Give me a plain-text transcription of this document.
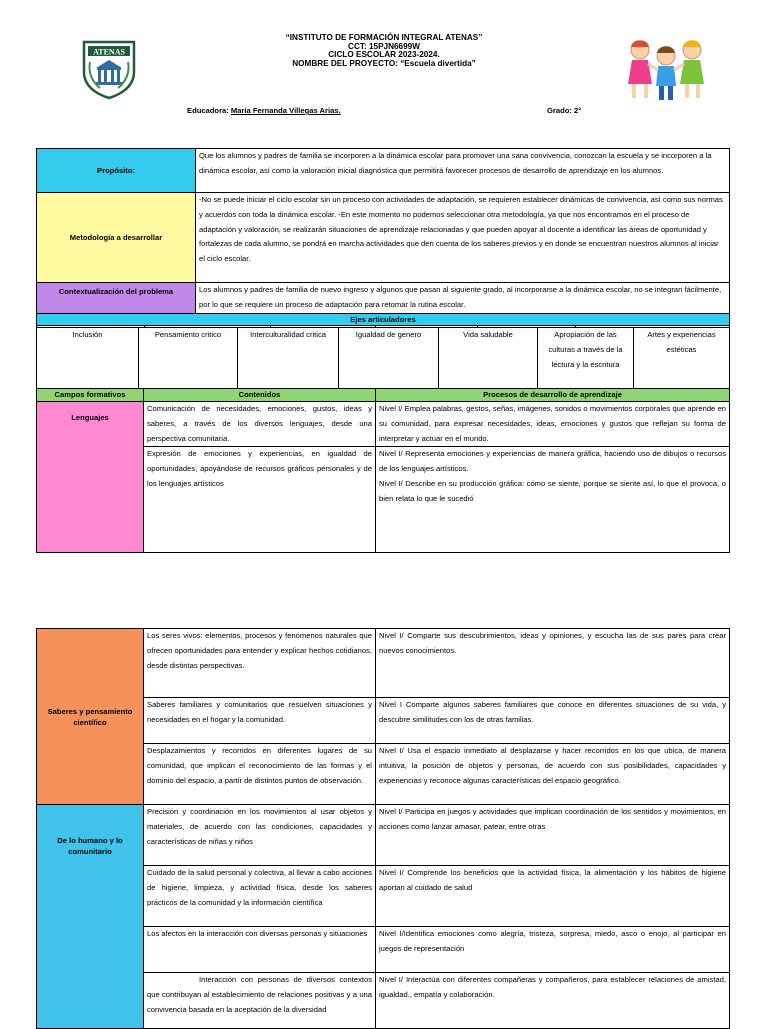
ATENAS
“INSTITUTO DE FORMACIÓN INTEGRAL ATENAS”
CCT: 15PJN6699W
CICLO ESCOLAR 2023-2024.
NOMBRE DEL PROYECTO: “Escuela divertida”
Educadora: María Fernanda Villegas Arias.	Grado: 2°
Propósito:		Que los alumnos y padres de familia se incorporen a la dinámica escolar para promover una sana convivencia, conozcan la escuela y se incorporen a la dinámica escolar, así como la valoración inicial diagnóstica que permitirá favorecer procesos de desarrollo de aprendizaje en los alumnos.				
Metodología a desarrollar		-No se puede iniciar el ciclo escolar sin un proceso con actividades de adaptación, se requieren establecer dinámicas de convivencia, así como sus normas y acuerdos con toda la dinámica escolar. -En este momento no podemos seleccionar otra metodología, ya que nos encontramos en el proceso de adaptación y valoración, se realizarán situaciones de aprendizaje relacionadas y que pueden apoyar al docente a identificar las áreas de oportunidad y fortalezas de cada alumno, se pondrá en marcha actividades que den cuenta de los saberes previos y en donde se encuentran nuestros alumnos al iniciar el ciclo escolar.				
Contextualización del problema		Los alumnos y padres de familia de nuevo ingreso y algunos que pasan al siguiente grado, al incorporarse a la dinámica escolar, no se integran fácilmente, por lo que se requiere un proceso de adaptación para retomar la rutina escolar.				
Ejes articuladores						

Inclusión	Pensamiento critico	Interculturalidad critica	Igualdad de genero	Vida saludable	Apropiación de las culturas a través de la lectura y la escritura	Artes y experiencias estéticas
Campos formativos	Contenidos	Procesos de desarrollo de aprendizaje
Lenguajes	Comunicación de necesidades, emociones, gustos, ideas y saberes, a través de los diversos lenguajes, desde una perspectiva comunitaria.	Nivel I/ Emplea palabras, gestos, señas, imágenes, sonidos o movimientos corporales que aprende en su comunidad, para expresar necesidades, ideas, emociones y gustos que reflejan su forma de interpretar y actuar en el mundo.
	Expresión de emociones y experiencias, en igualdad de oportunidades, apoyándose de recursos gráficos personales y de los lenguajes artísticos	Nivel I/ Representa emociones y experiencias de manera gráfica, haciendo uso de dibujos o recursos de los lenguajes artísticos.
Nivel I/ Describe en su producción gráfica: cómo se siente, porque se siente así, lo que el provoca, o bien relata lo que le sucedió
Saberes y pensamiento científico	Los seres vivos: elementos, procesos y fenómenos naturales que ofrecen oportunidades para entender y explicar hechos cotidianos, desde distintas perspectivas.	Nivel I/ Comparte sus descubrimientos, ideas y opiniones, y escucha las de sus pares para crear nuevos conocimientos.
	Saberes familiares y comunitarios que resuelven situaciones y necesidades en el hogar y la comunidad.	Nivel I Comparte algunos saberes familiares que conoce en diferentes situaciones de su vida, y descubre similitudes con los de otras familias.
	Desplazamientos y recorridos en diferentes lugares de su comunidad, que implican el reconocimiento de las formas y el dominio del espacio, a partir de distintos puntos de observación.	Nivel I/ Usa el espacio inmediato al desplazarse y hacer recorridos en los que ubica, de manera intuitiva, la posición de objetos y personas, de acuerdo con sus posibilidades, capacidades y experiencias y reconoce algunas características del espacio geográfico.
De lo humano y lo comunitario	Precisión y coordinación en los movimientos al usar objetos y materiales, de acuerdo con las condiciones, capacidades y características de niñas y niños	Nivel I/ Participa en juegos y actividades que implican coordinación de los sentidos y movimientos, en acciones como lanzar amasar, patear, entre otras
	Cuidado de la salud personal y colectiva, al llevar a cabo acciones de higiene, limpieza, y actividad física, desde los saberes prácticos de la comunidad y la información científica	Nivel I/ Comprende los beneficios que la actividad física, la alimentación y los hábitos de higiene aportan al cuidado de salud
	Los afectos en la interacción con diversas personas y situaciones	Nivel I/Identifica emociones como alegría, tristeza, sorpresa, miedo, asco o enojo, al participar en juegos de representación
	Interacción con personas de diversos contextos que contribuyan al establecimiento de relaciones positivas y a una convivencia basada en la aceptación de la diversidad	Nivel I/ Interactúa con diferentes compañeras y compañeros, para establecer relaciones de amistad, igualdad., empatía y colaboración.
